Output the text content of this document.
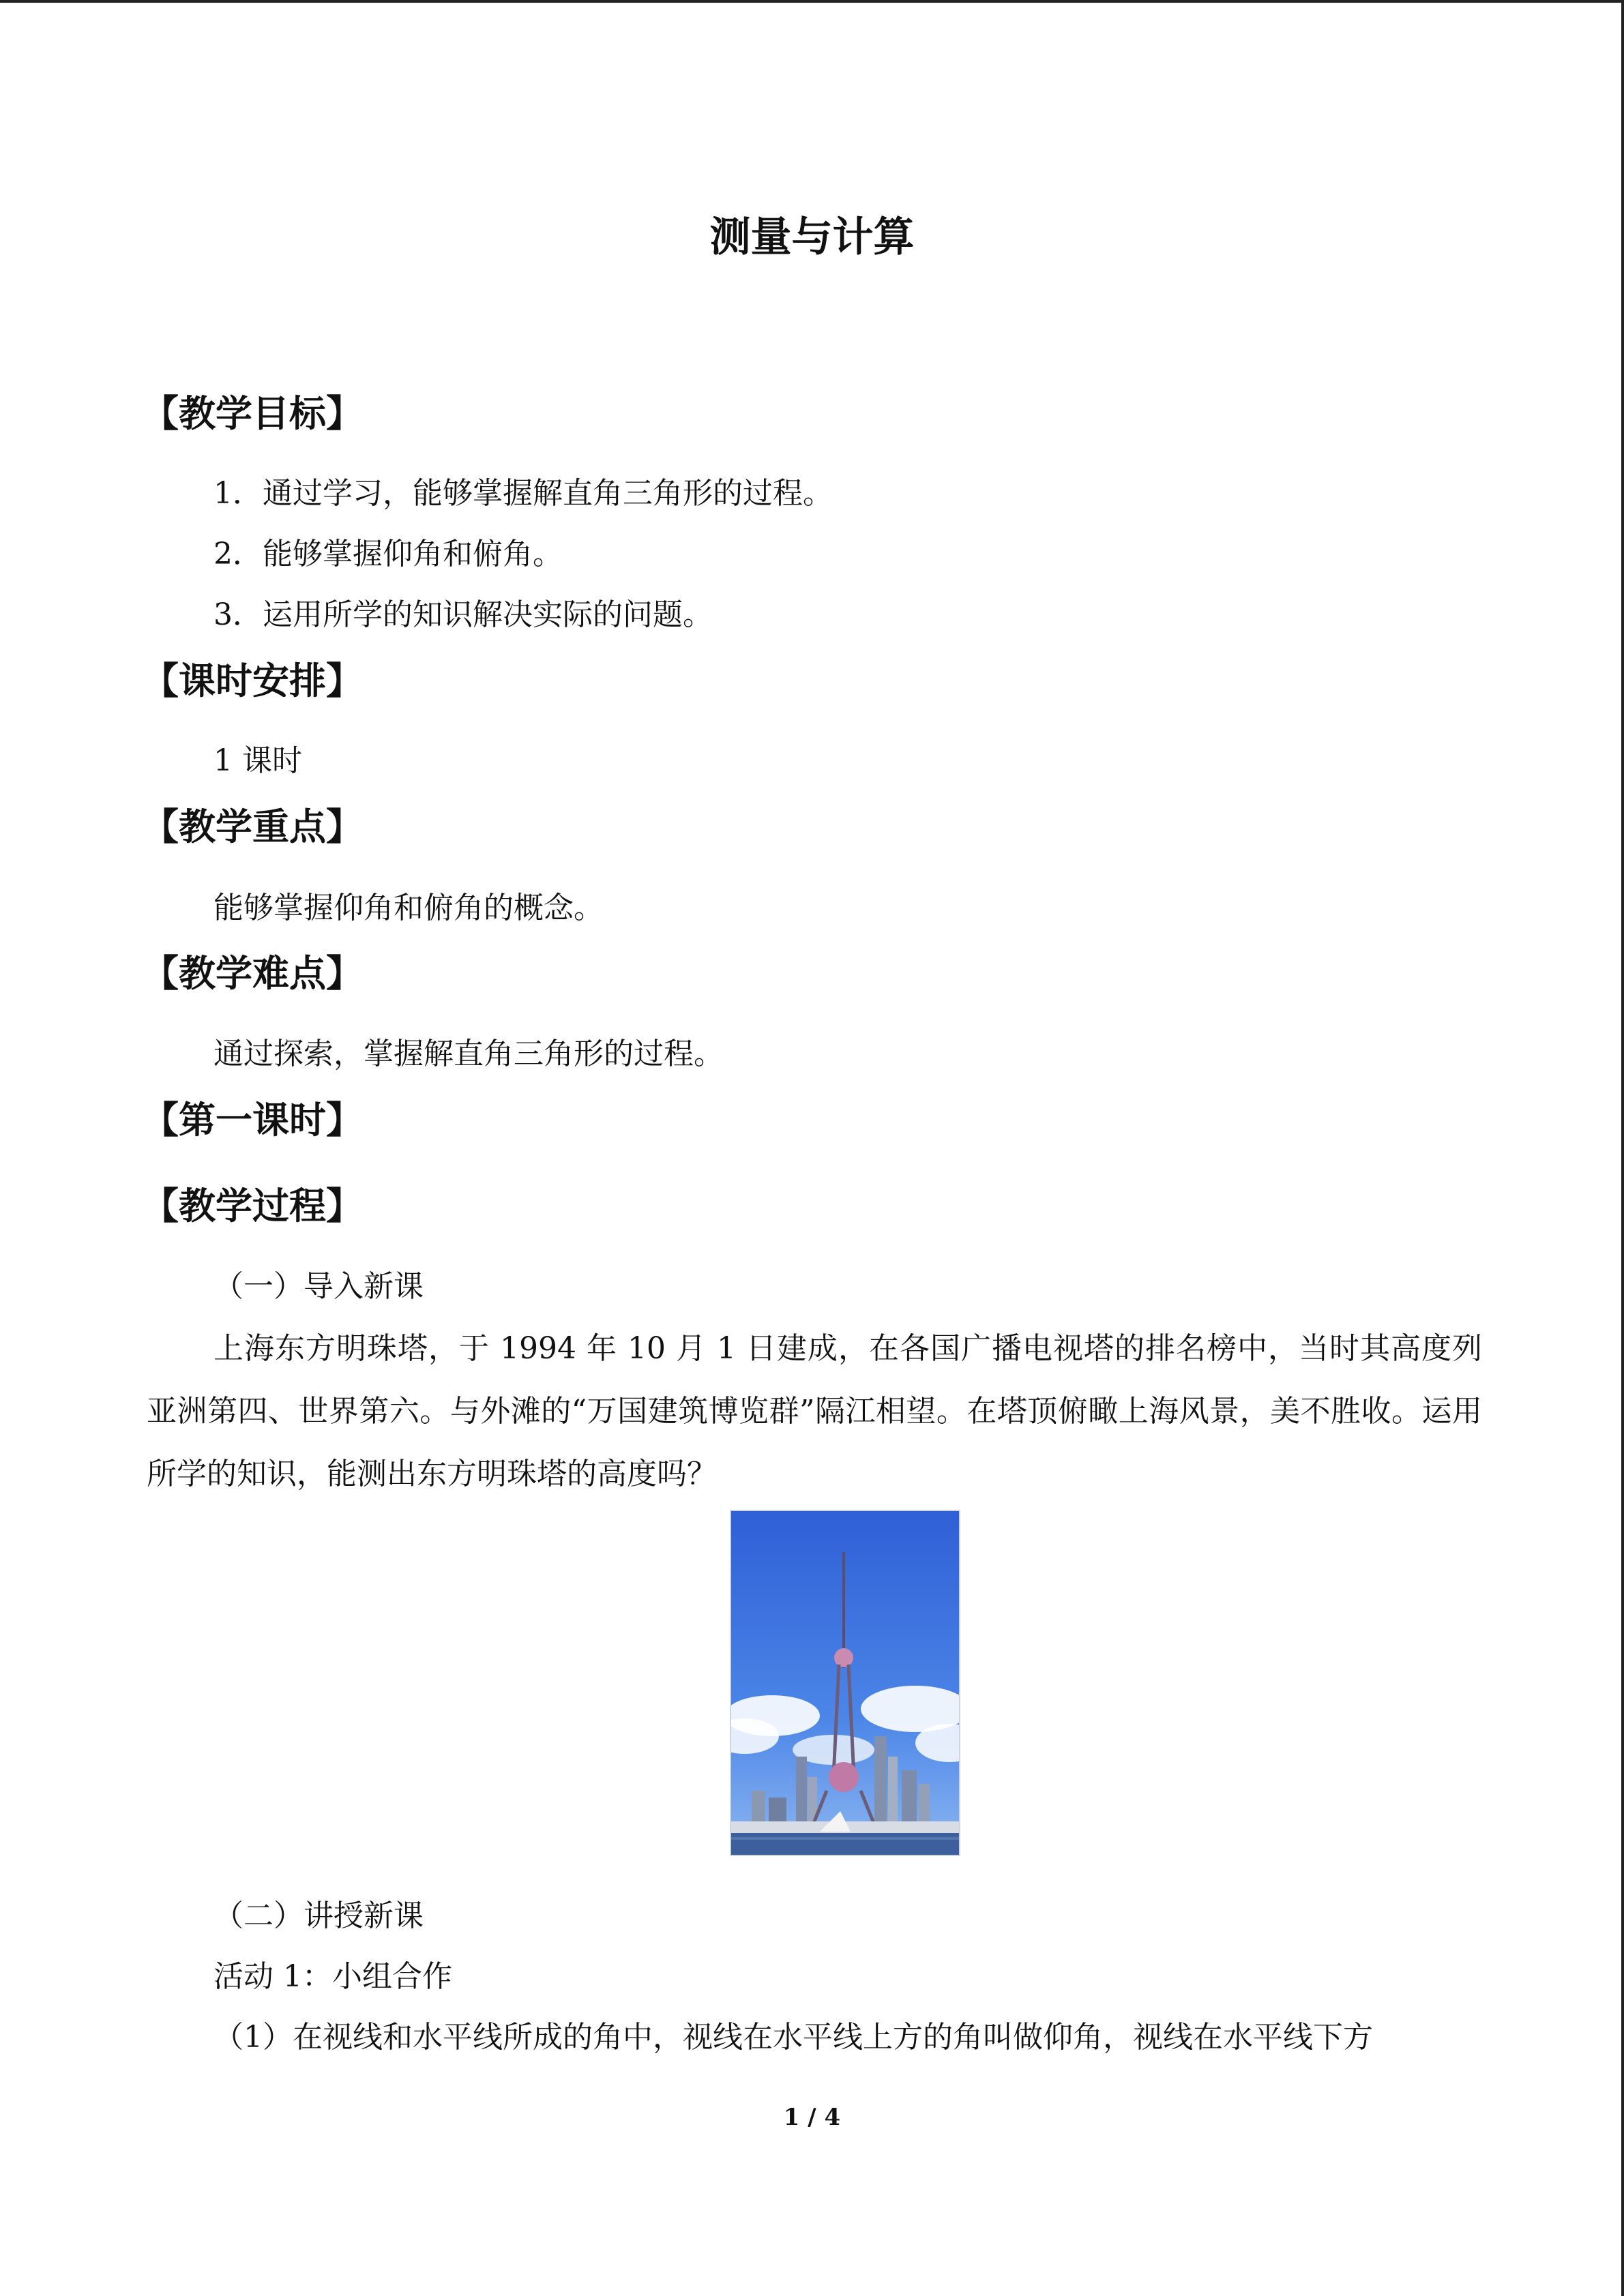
测量与计算
【教学目标】
1．通过学习，能够掌握解直角三角形的过程。
2．能够掌握仰角和俯角。
3．运用所学的知识解决实际的问题。
【课时安排】
1 课时
【教学重点】
能够掌握仰角和俯角的概念。
【教学难点】
通过探索，掌握解直角三角形的过程。
【第一课时】
【教学过程】
（一）导入新课
上海东方明珠塔，于 1994 年 10 月 1 日建成，在各国广播电视塔的排名榜中，当时其高度列亚洲第四、世界第六。与外滩的“万国建筑博览群”隔江相望。在塔顶俯瞰上海风景，美不胜收。运用所学的知识，能测出东方明珠塔的高度吗？
（二）讲授新课
活动 1：小组合作
（1）在视线和水平线所成的角中，视线在水平线上方的角叫做仰角，视线在水平线下方
1 / 4
